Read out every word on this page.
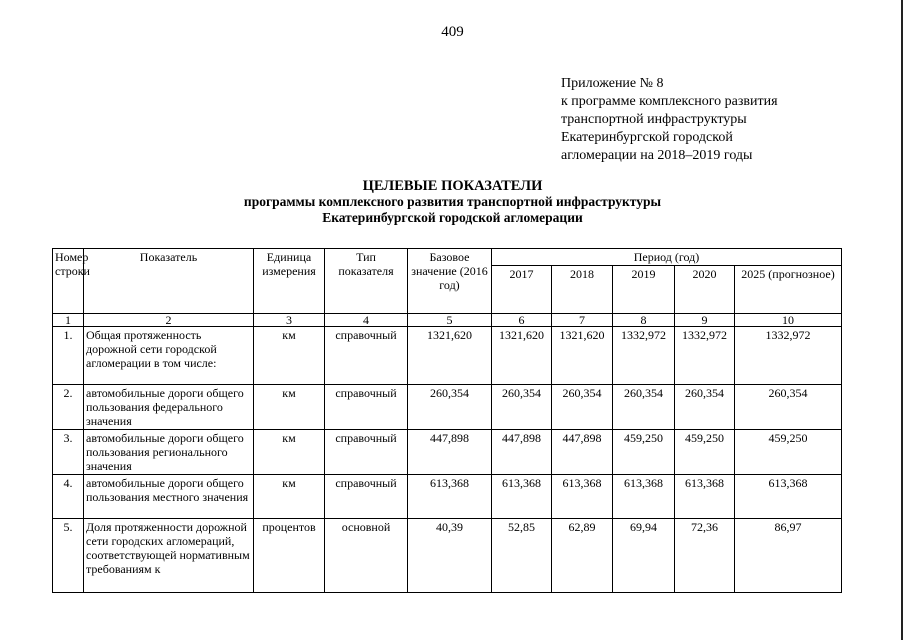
409
Приложение № 8
к программе комплексного развития
транспортной инфраструктуры
Екатеринбургской городской
агломерации на 2018–2019 годы
ЦЕЛЕВЫЕ ПОКАЗАТЕЛИ
программы комплексного развития транспортной инфраструктуры
Екатеринбургской городской агломерации
Номер строки	Показатель	Единица измерения	Тип показателя	Базовое значение (2016 год)	Период (год)				
					2017	2018	2019	2020	2025 (прогнозное)
1	2	3	4	5	6	7	8	9	10
1.	Общая протяженность дорожной сети городской агломерации в том числе:	км	справочный	1321,620	1321,620	1321,620	1332,972	1332,972	1332,972
2.	автомобильные дороги общего пользования федерального значения	км	справочный	260,354	260,354	260,354	260,354	260,354	260,354
3.	автомобильные дороги общего пользования регионального значения	км	справочный	447,898	447,898	447,898	459,250	459,250	459,250
4.	автомобильные дороги общего пользования местного значения	км	справочный	613,368	613,368	613,368	613,368	613,368	613,368
5.	Доля протяженности дорожной сети городских агломераций, соответствующей нормативным требованиям к	процентов	основной	40,39	52,85	62,89	69,94	72,36	86,97
